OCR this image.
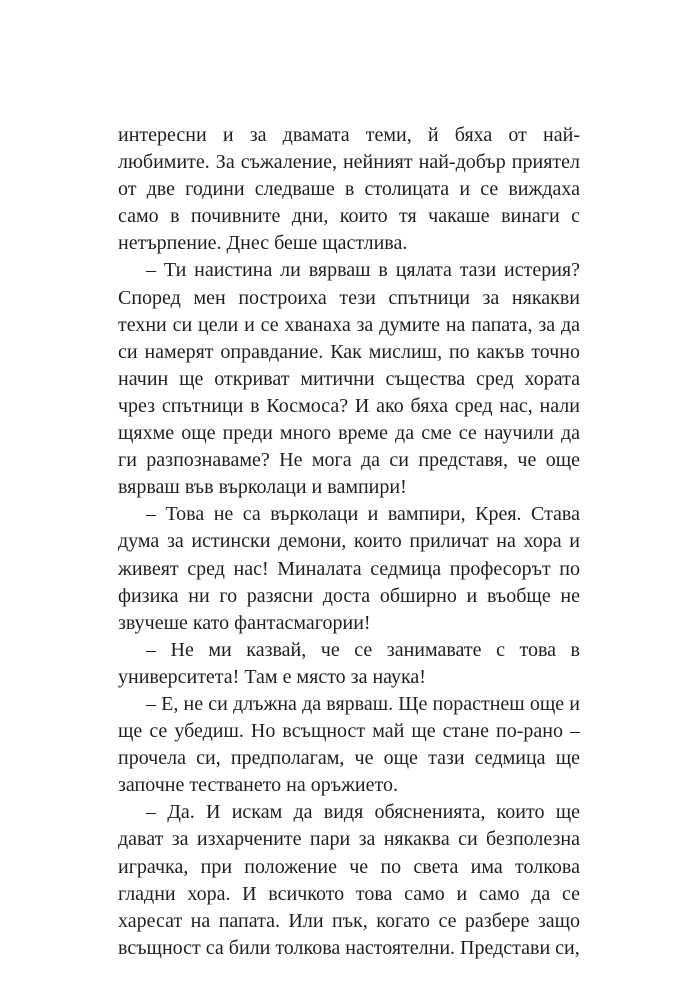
интересни и за двамата теми, й бяха от най-любимите. За съжаление, нейният най-добър приятел от две години следваше в столицата и се виждаха само в почивните дни, които тя чакаше винаги с нетърпение. Днес беше щастлива.

– Ти наистина ли вярваш в цялата тази истерия? Според мен построиха тези спътници за някакви техни си цели и се хванаха за думите на папата, за да си намерят оправдание. Как мислиш, по какъв точно начин ще откриват митични същества сред хората чрез спътници в Космоса? И ако бяха сред нас, нали щяхме още преди много време да сме се научили да ги разпознаваме? Не мога да си представя, че още вярваш във върколаци и вампири!

– Това не са върколаци и вампири, Крея. Става дума за истински демони, които приличат на хора и живеят сред нас! Миналата седмица професорът по физика ни го разясни доста обширно и въобще не звучеше като фантасмагории!

– Не ми казвай, че се занимавате с това в университета! Там е място за наука!

– Е, не си длъжна да вярваш. Ще порастнеш още и ще се убедиш. Но всъщност май ще стане по-рано – прочела си, предполагам, че още тази седмица ще започне тестването на оръжието.

– Да. И искам да видя обясненията, които ще дават за изхарчените пари за някаква си безполезна играчка, при положение че по света има толкова гладни хора. И всичкото това само и само да се харесат на папата. Или пък, когато се разбере защо всъщност са били толкова настоятелни. Представи си,
